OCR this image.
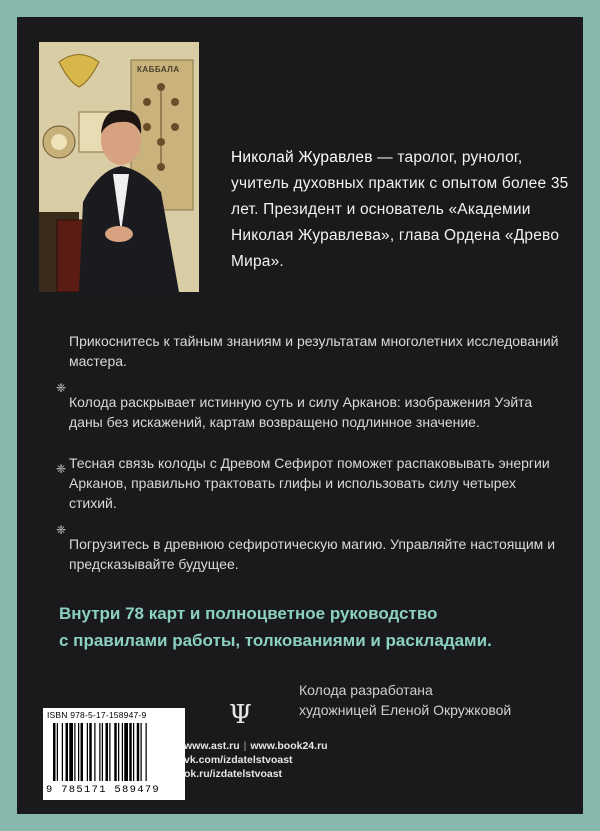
КАББАЛА
Николай Журавлев — таролог, рунолог, учитель духовных практик с опытом более 35 лет. Президент и основатель «Академии Николая Журавлева», глава Ордена «Древо Мира».
Прикоснитесь к тайным знаниям и результатам многолетних исследований мастера.
❈
Колода раскрывает истинную суть и силу Арканов: изображения Уэйта даны без искажений, картам возвращено подлинное значение.
❈ Тесная связь колоды с Древом Сефирот поможет распаковывать энергии Арканов, правильно трактовать глифы и использовать силу четырех стихий.
❈
Погрузитесь в древнюю сефиротическую магию. Управляйте настоящим и предсказывайте будущее.
Внутри 78 карт и полноцветное руководство
с правилами работы, толкованиями и раскладами.
Колода разработана
художницей Еленой Окружковой
ISBN 978-5-17-158947-9
9 785171 589479
Ψ
www.ast.ru | www.book24.ru
vk.com/izdatelstvoast
ok.ru/izdatelstvoast
